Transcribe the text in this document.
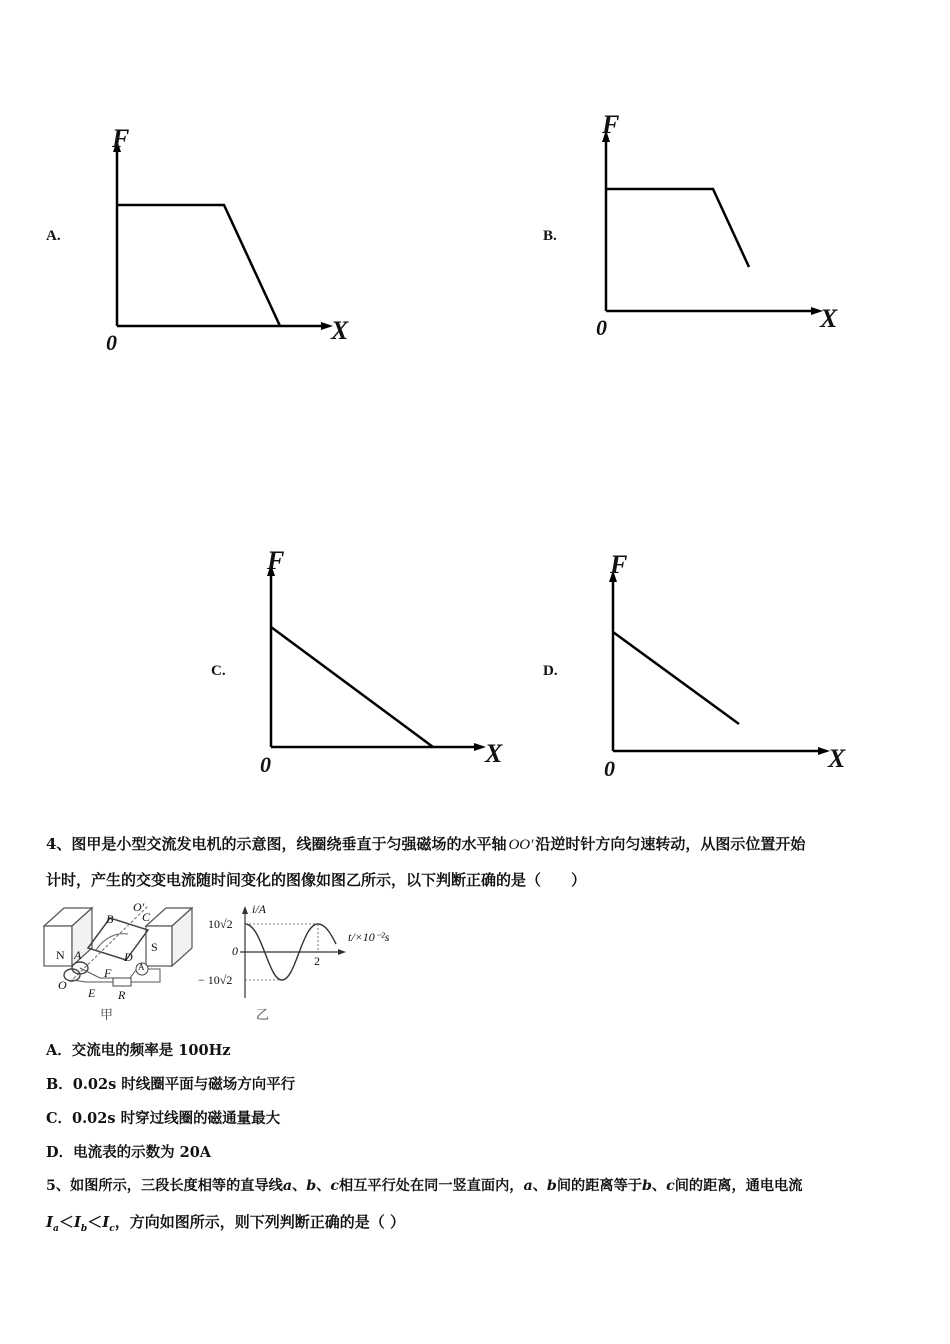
A.
F
X
0
B.
F
X
0
C.
F
X
0
D.
F
X
0
4、图甲是小型交流发电机的示意图，线圈绕垂直于匀强磁场的水平轴 OO′ 沿逆时针方向匀速转动，从图示位置开始
计时，产生的交变电流随时间变化的图像如图乙所示，以下判断正确的是（　　）
N
S
A
B
O′
C
D
O
E
F
R
A
甲
i/A
t/×10⁻²s
10√2
0
− 10√2
2
乙
A．交流电的频率是 100Hz
B．0.02s 时线圈平面与磁场方向平行
C．0.02s 时穿过线圈的磁通量最大
D．电流表的示数为 20A
5、如图所示，三段长度相等的直导线a、b、c相互平行处在同一竖直面内，a、b间的距离等于b、c间的距离，通电电流
$I_a<I_b<I_c$，方向如图所示，则下列判断正确的是（ ）
